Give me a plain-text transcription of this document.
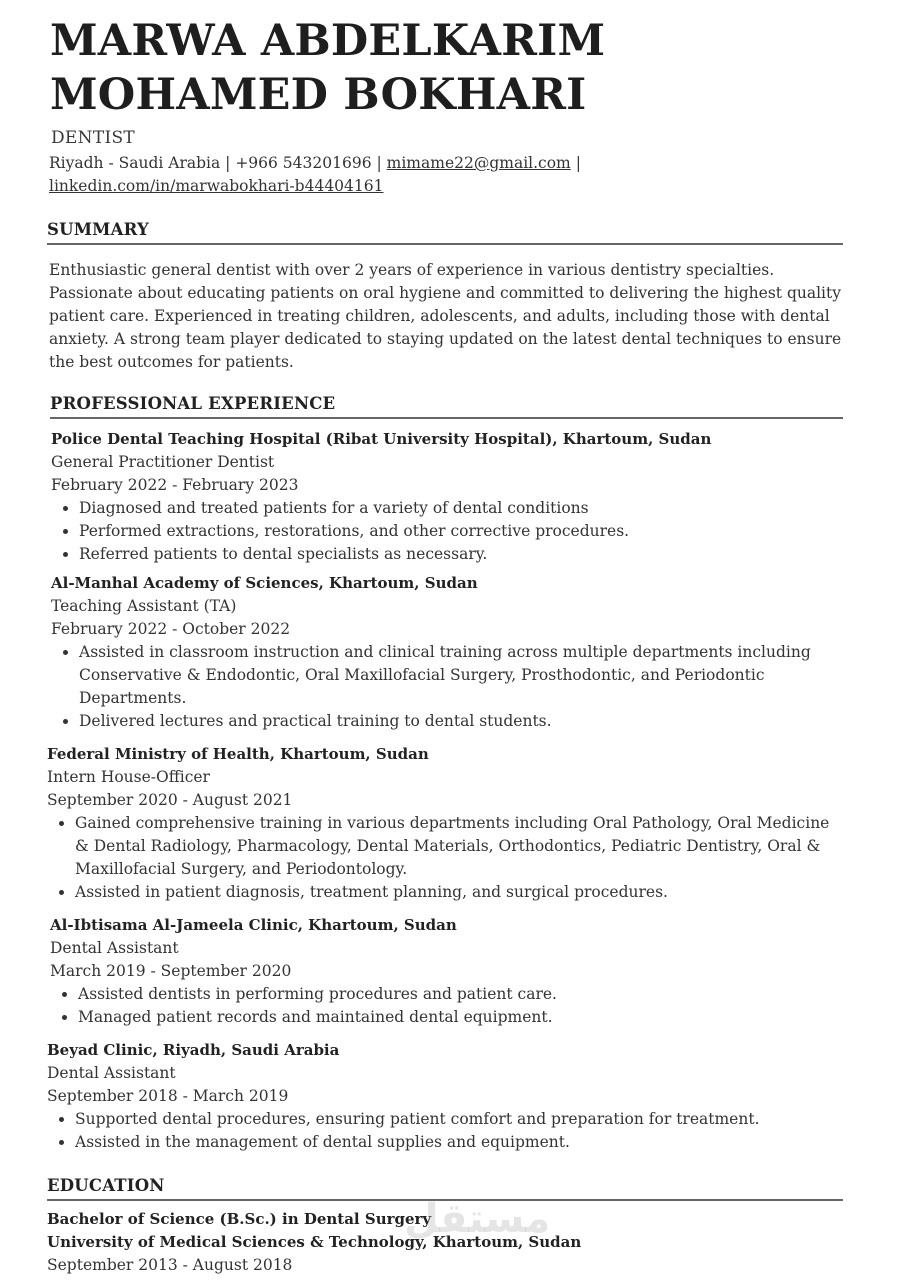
MARWA ABDELKARIM MOHAMED BOKHARI
DENTIST
Riyadh - Saudi Arabia | +966 543201696 | mimame22@gmail.com |
linkedin.com/in/marwabokhari-b44404161
SUMMARY

Enthusiastic general dentist with over 2 years of experience in various dentistry specialties. Passionate about educating patients on oral hygiene and committed to delivering the highest quality patient care. Experienced in treating children, adolescents, and adults, including those with dental anxiety. A strong team player dedicated to staying updated on the latest dental techniques to ensure the best outcomes for patients.

PROFESSIONAL EXPERIENCE
Police Dental Teaching Hospital (Ribat University Hospital), Khartoum, Sudan
General Practitioner Dentist
February 2022 - February 2023
• Diagnosed and treated patients for a variety of dental conditions
• Performed extractions, restorations, and other corrective procedures.
• Referred patients to dental specialists as necessary.
Al-Manhal Academy of Sciences, Khartoum, Sudan
Teaching Assistant (TA)
February 2022 - October 2022
• Assisted in classroom instruction and clinical training across multiple departments including Conservative & Endodontic, Oral Maxillofacial Surgery, Prosthodontic, and Periodontic Departments.
• Delivered lectures and practical training to dental students.
Federal Ministry of Health, Khartoum, Sudan
Intern House-Officer
September 2020 - August 2021
• Gained comprehensive training in various departments including Oral Pathology, Oral Medicine & Dental Radiology, Pharmacology, Dental Materials, Orthodontics, Pediatric Dentistry, Oral & Maxillofacial Surgery, and Periodontology.
• Assisted in patient diagnosis, treatment planning, and surgical procedures.
Al-Ibtisama Al-Jameela Clinic, Khartoum, Sudan
Dental Assistant
March 2019 - September 2020
• Assisted dentists in performing procedures and patient care.
• Managed patient records and maintained dental equipment.
Beyad Clinic, Riyadh, Saudi Arabia
Dental Assistant
September 2018 - March 2019
• Supported dental procedures, ensuring patient comfort and preparation for treatment.
• Assisted in the management of dental supplies and equipment.
EDUCATION
Bachelor of Science (B.Sc.) in Dental Surgery
University of Medical Sciences & Technology, Khartoum, Sudan
September 2013 - August 2018
مستقل
